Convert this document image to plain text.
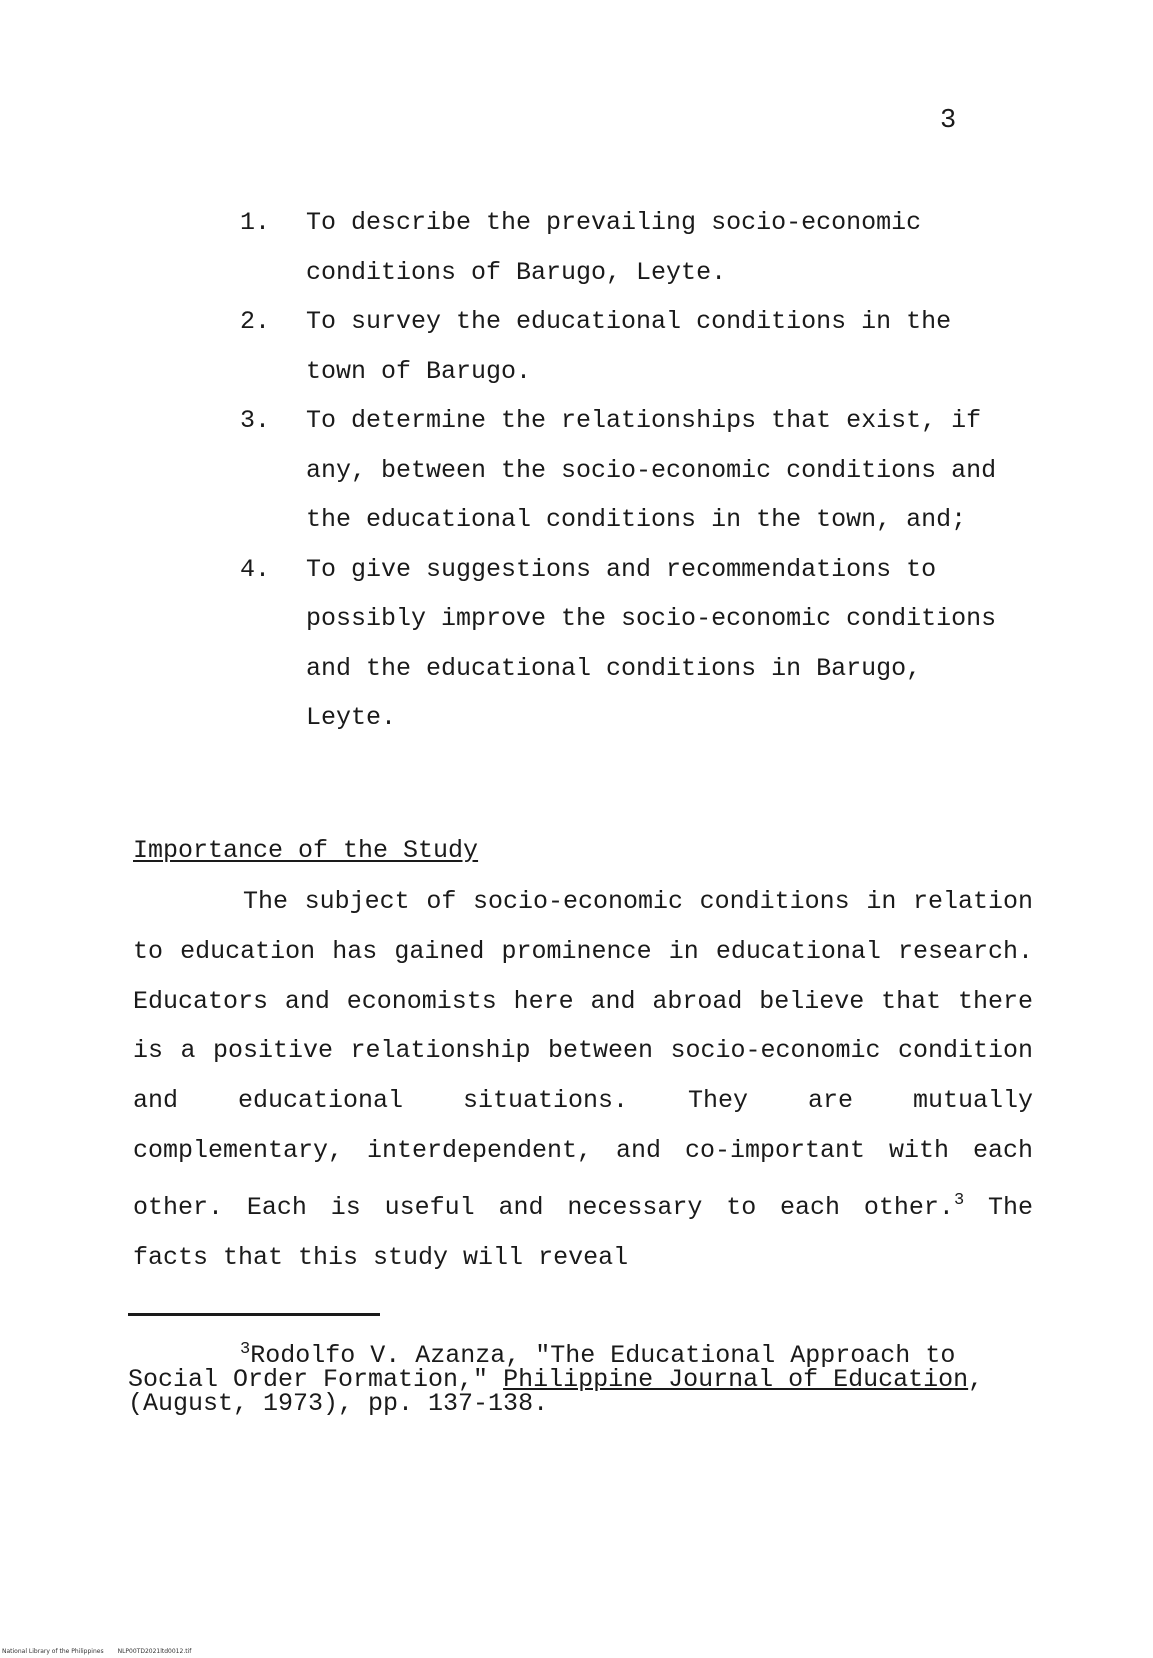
3
1. To describe the prevailing socio-economic conditions of Barugo, Leyte.
2. To survey the educational conditions in the town of Barugo.
3. To determine the relationships that exist, if any, between the socio-economic conditions and the educational conditions in the town, and;
4. To give suggestions and recommendations to possibly improve the socio-economic conditions and the educational conditions in Barugo, Leyte.
Importance of the Study

The subject of socio-economic conditions in relation to education has gained prominence in educational research. Educators and economists here and abroad believe that there is a positive relationship between socio-economic condition and educational situations. They are mutually complementary, interdependent, and co-important with each other. Each is useful and necessary to each other.$^3$ The facts that this study will reveal

$^3$Rodolfo V. Azanza, "The Educational Approach to Social Order Formation," Philippine Journal of Education, (August, 1973), pp. 137-138.

National Library of the Philippines NLP00TD2021ltd0012.tif
